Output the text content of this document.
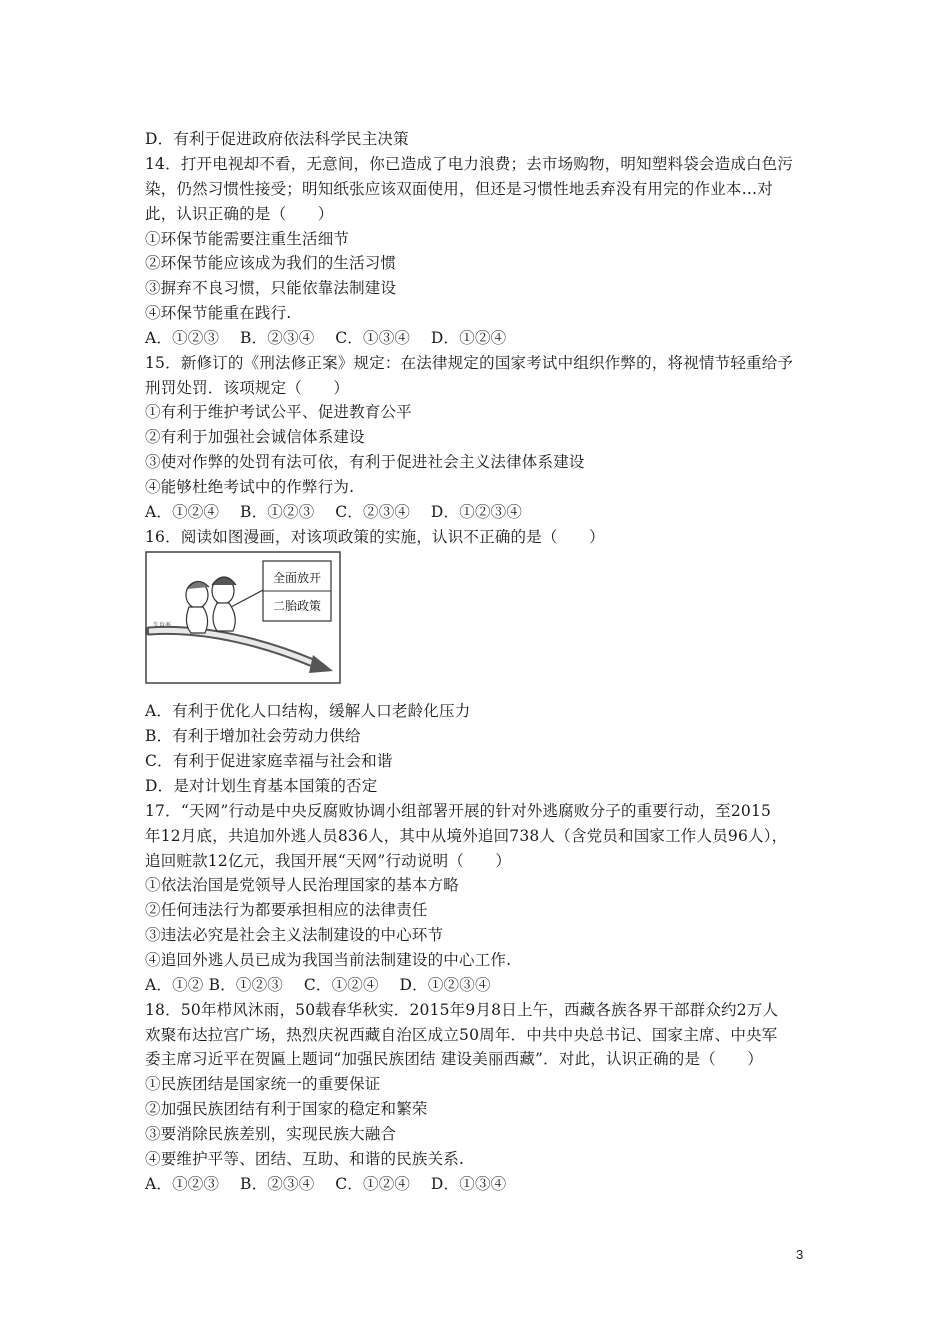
D．有利于促进政府依法科学民主决策
14．打开电视却不看，无意间，你已造成了电力浪费；去市场购物，明知塑料袋会造成白色污
染，仍然习惯性接受；明知纸张应该双面使用，但还是习惯性地丢弃没有用完的作业本…对
此，认识正确的是（　　）
①环保节能需要注重生活细节
②环保节能应该成为我们的生活习惯
③摒弃不良习惯，只能依靠法制建设
④环保节能重在践行.
A．①②③　 B．②③④　 C．①③④　 D．①②④
15．新修订的《刑法修正案》规定：在法律规定的国家考试中组织作弊的，将视情节轻重给予
刑罚处罚．该项规定（　　）
①有利于维护考试公平、促进教育公平
②有利于加强社会诚信体系建设
③使对作弊的处罚有法可依，有利于促进社会主义法律体系建设
④能够杜绝考试中的作弊行为.
A．①②④　 B．①②③　 C．②③④　 D．①②③④
16．阅读如图漫画，对该项政策的实施，认识不正确的是（　　）
全面放开
二胎政策
生育率
A．有利于优化人口结构，缓解人口老龄化压力
B．有利于增加社会劳动力供给
C．有利于促进家庭幸福与社会和谐
D．是对计划生育基本国策的否定
17．“天网”行动是中央反腐败协调小组部署开展的针对外逃腐败分子的重要行动，至2015
年12月底，共追加外逃人员836人，其中从境外追回738人（含党员和国家工作人员96人），
追回赃款12亿元，我国开展“天网”行动说明（　　）
①依法治国是党领导人民治理国家的基本方略
②任何违法行为都要承担相应的法律责任
③违法必究是社会主义法制建设的中心环节
④追回外逃人员已成为我国当前法制建设的中心工作.
A．①② B．①②③　 C．①②④　 D．①②③④
18．50年栉风沐雨，50载春华秋实．2015年9月8日上午，西藏各族各界干部群众约2万人
欢聚布达拉宫广场，热烈庆祝西藏自治区成立50周年．中共中央总书记、国家主席、中央军
委主席习近平在贺匾上题词“加强民族团结 建设美丽西藏”．对此，认识正确的是（　　）
①民族团结是国家统一的重要保证
②加强民族团结有利于国家的稳定和繁荣
③要消除民族差别，实现民族大融合
④要维护平等、团结、互助、和谐的民族关系.
A．①②③　 B．②③④　 C．①②④　 D．①③④
3
